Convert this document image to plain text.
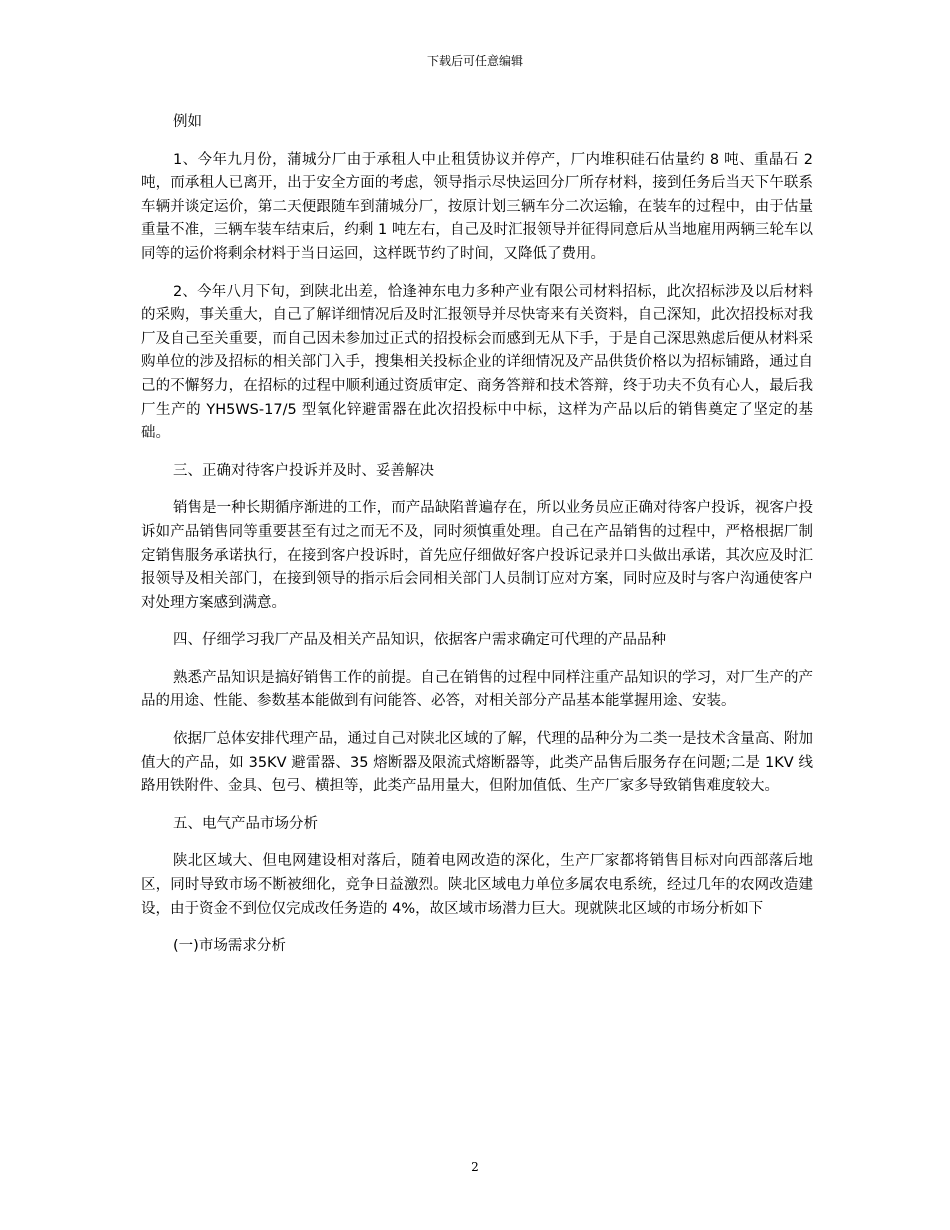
下载后可任意编辑

例如

1、今年九月份，蒲城分厂由于承租人中止租赁协议并停产，厂内堆积硅石估量约 8 吨、重晶石 2 吨，而承租人已离开，出于安全方面的考虑，领导指示尽快运回分厂所存材料，接到任务后当天下午联系车辆并谈定运价，第二天便跟随车到蒲城分厂，按原计划三辆车分二次运输，在装车的过程中，由于估量重量不准，三辆车装车结束后，约剩 1 吨左右，自己及时汇报领导并征得同意后从当地雇用两辆三轮车以同等的运价将剩余材料于当日运回，这样既节约了时间，又降低了费用。

2、今年八月下旬，到陕北出差，恰逢神东电力多种产业有限公司材料招标，此次招标涉及以后材料的采购，事关重大，自己了解详细情况后及时汇报领导并尽快寄来有关资料，自己深知，此次招投标对我厂及自己至关重要，而自己因未参加过正式的招投标会而感到无从下手，于是自己深思熟虑后便从材料采购单位的涉及招标的相关部门入手，搜集相关投标企业的详细情况及产品供货价格以为招标铺路，通过自己的不懈努力，在招标的过程中顺利通过资质审定、商务答辩和技术答辩，终于功夫不负有心人，最后我厂生产的 YH5WS-17/5 型氧化锌避雷器在此次招投标中中标，这样为产品以后的销售奠定了坚定的基础。

三、正确对待客户投诉并及时、妥善解决

销售是一种长期循序渐进的工作，而产品缺陷普遍存在，所以业务员应正确对待客户投诉，视客户投诉如产品销售同等重要甚至有过之而无不及，同时须慎重处理。自己在产品销售的过程中，严格根据厂制定销售服务承诺执行，在接到客户投诉时，首先应仔细做好客户投诉记录并口头做出承诺，其次应及时汇报领导及相关部门，在接到领导的指示后会同相关部门人员制订应对方案，同时应及时与客户沟通使客户对处理方案感到满意。

四、仔细学习我厂产品及相关产品知识，依据客户需求确定可代理的产品品种

熟悉产品知识是搞好销售工作的前提。自己在销售的过程中同样注重产品知识的学习，对厂生产的产品的用途、性能、参数基本能做到有问能答、必答，对相关部分产品基本能掌握用途、安装。

依据厂总体安排代理产品，通过自己对陕北区域的了解，代理的品种分为二类一是技术含量高、附加值大的产品，如 35KV 避雷器、35 熔断器及限流式熔断器等，此类产品售后服务存在问题;二是 1KV 线路用铁附件、金具、包弓、横担等，此类产品用量大，但附加值低、生产厂家多导致销售难度较大。

五、电气产品市场分析

陕北区域大、但电网建设相对落后，随着电网改造的深化，生产厂家都将销售目标对向西部落后地区，同时导致市场不断被细化，竞争日益激烈。陕北区域电力单位多属农电系统，经过几年的农网改造建设，由于资金不到位仅完成改任务造的 4%，故区域市场潜力巨大。现就陕北区域的市场分析如下

(一)市场需求分析

2
